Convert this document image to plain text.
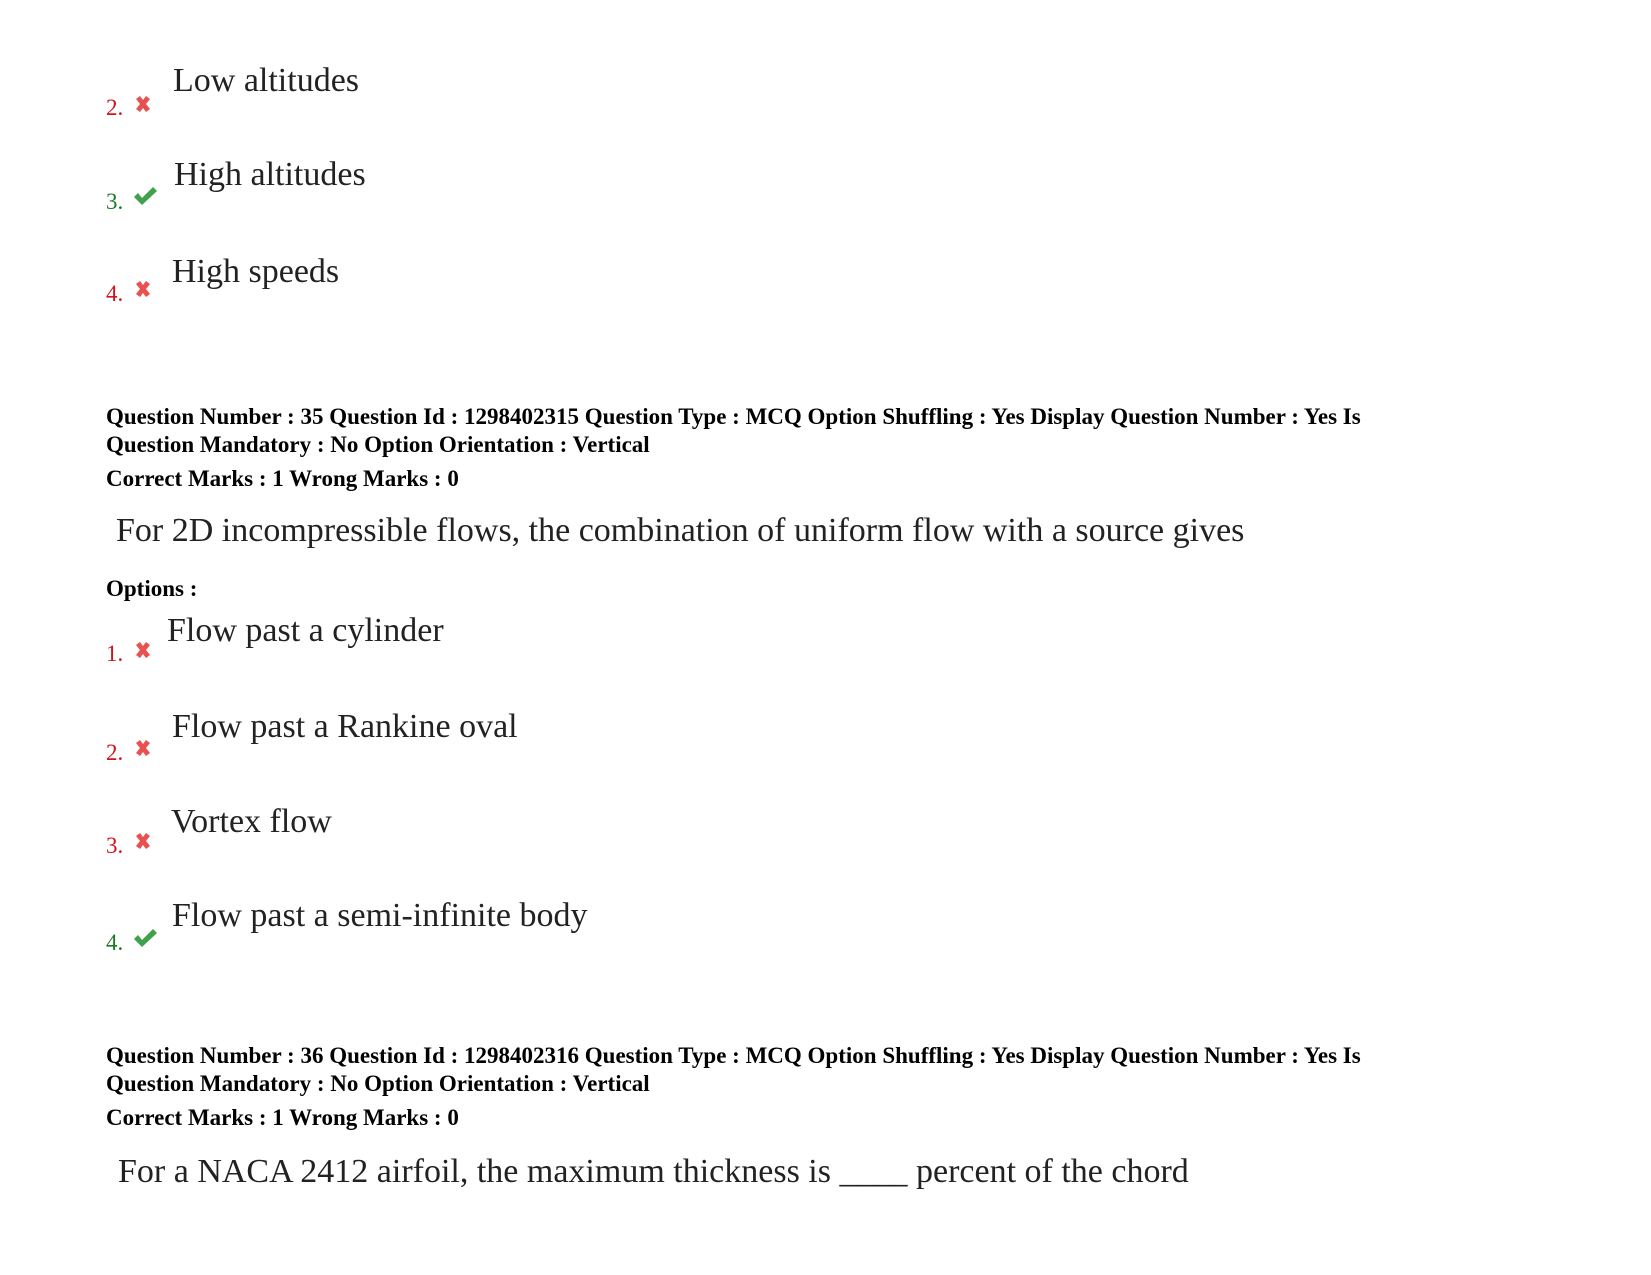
2.
Low altitudes
3.
High altitudes
4.
High speeds
Question Number : 35 Question Id : 1298402315 Question Type : MCQ Option Shuffling : Yes Display Question Number : Yes Is
Question Mandatory : No Option Orientation : Vertical
Correct Marks : 1 Wrong Marks : 0
For 2D incompressible flows, the combination of uniform flow with a source gives
Options :
1.
Flow past a cylinder
2.
Flow past a Rankine oval
3.
Vortex flow
4.
Flow past a semi-infinite body
Question Number : 36 Question Id : 1298402316 Question Type : MCQ Option Shuffling : Yes Display Question Number : Yes Is
Question Mandatory : No Option Orientation : Vertical
Correct Marks : 1 Wrong Marks : 0
For a NACA 2412 airfoil, the maximum thickness is ____ percent of the chord
